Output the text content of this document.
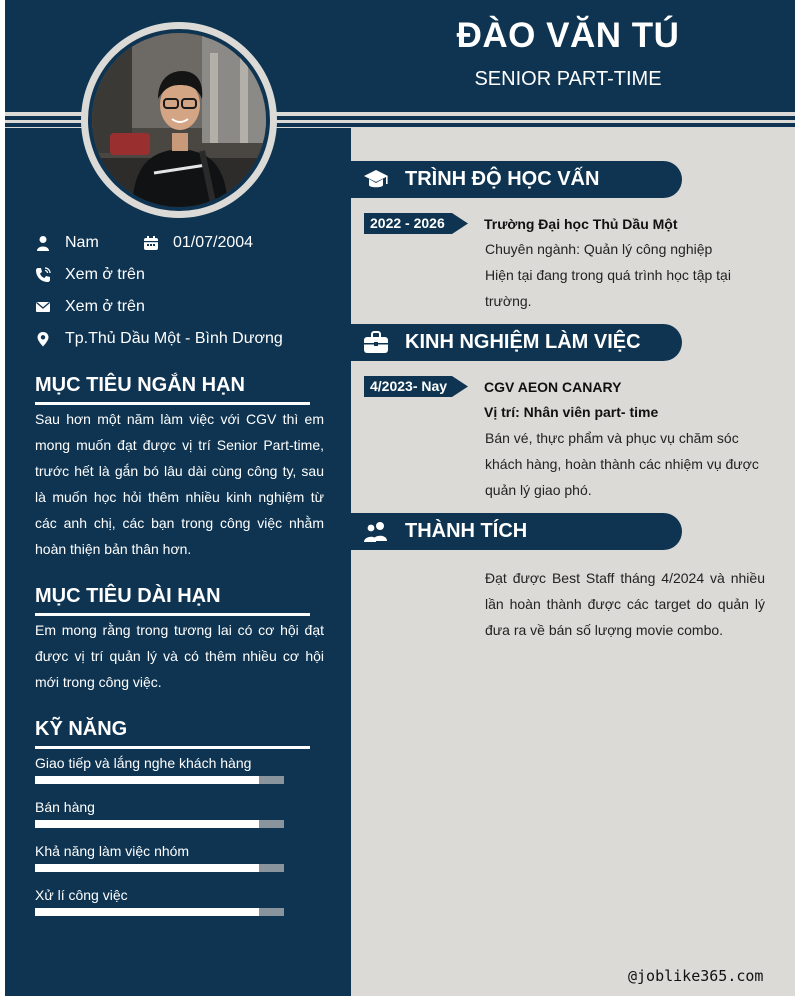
ĐÀO VĂN TÚ
SENIOR PART-TIME
Nam	01/07/2004
Xem ở trên
Xem ở trên
Tp.Thủ Dầu Một - Bình Dương
MỤC TIÊU NGẮN HẠN
Sau hơn một năm làm việc với CGV thì em mong muốn đạt được vị trí Senior Part-time, trước hết là gắn bó lâu dài cùng công ty, sau là muốn học hỏi thêm nhiều kinh nghiệm từ các anh chị, các bạn trong công việc nhằm hoàn thiện bản thân hơn.
MỤC TIÊU DÀI HẠN
Em mong rằng trong tương lai có cơ hội đạt được vị trí quản lý và có thêm nhiều cơ hội mới trong công việc.
KỸ NĂNG
Giao tiếp và lắng nghe khách hàng
Bán hàng
Khả năng làm việc nhóm
Xử lí công việc
TRÌNH ĐỘ HỌC VẤN
2022 - 2026	Trường Đại học Thủ Dầu Một
Chuyên ngành: Quản lý công nghiệp
Hiện tại đang trong quá trình học tập tại trường.
KINH NGHIỆM LÀM VIỆC
4/2023- Nay	CGV AEON CANARY
Vị trí: Nhân viên part- time
Bán vé, thực phẩm và phục vụ chăm sóc khách hàng, hoàn thành các nhiệm vụ được quản lý giao phó.
THÀNH TÍCH
Đạt được Best Staff tháng 4/2024 và nhiều lần hoàn thành được các target do quản lý đưa ra về bán số lượng movie combo.
@joblike365.com
